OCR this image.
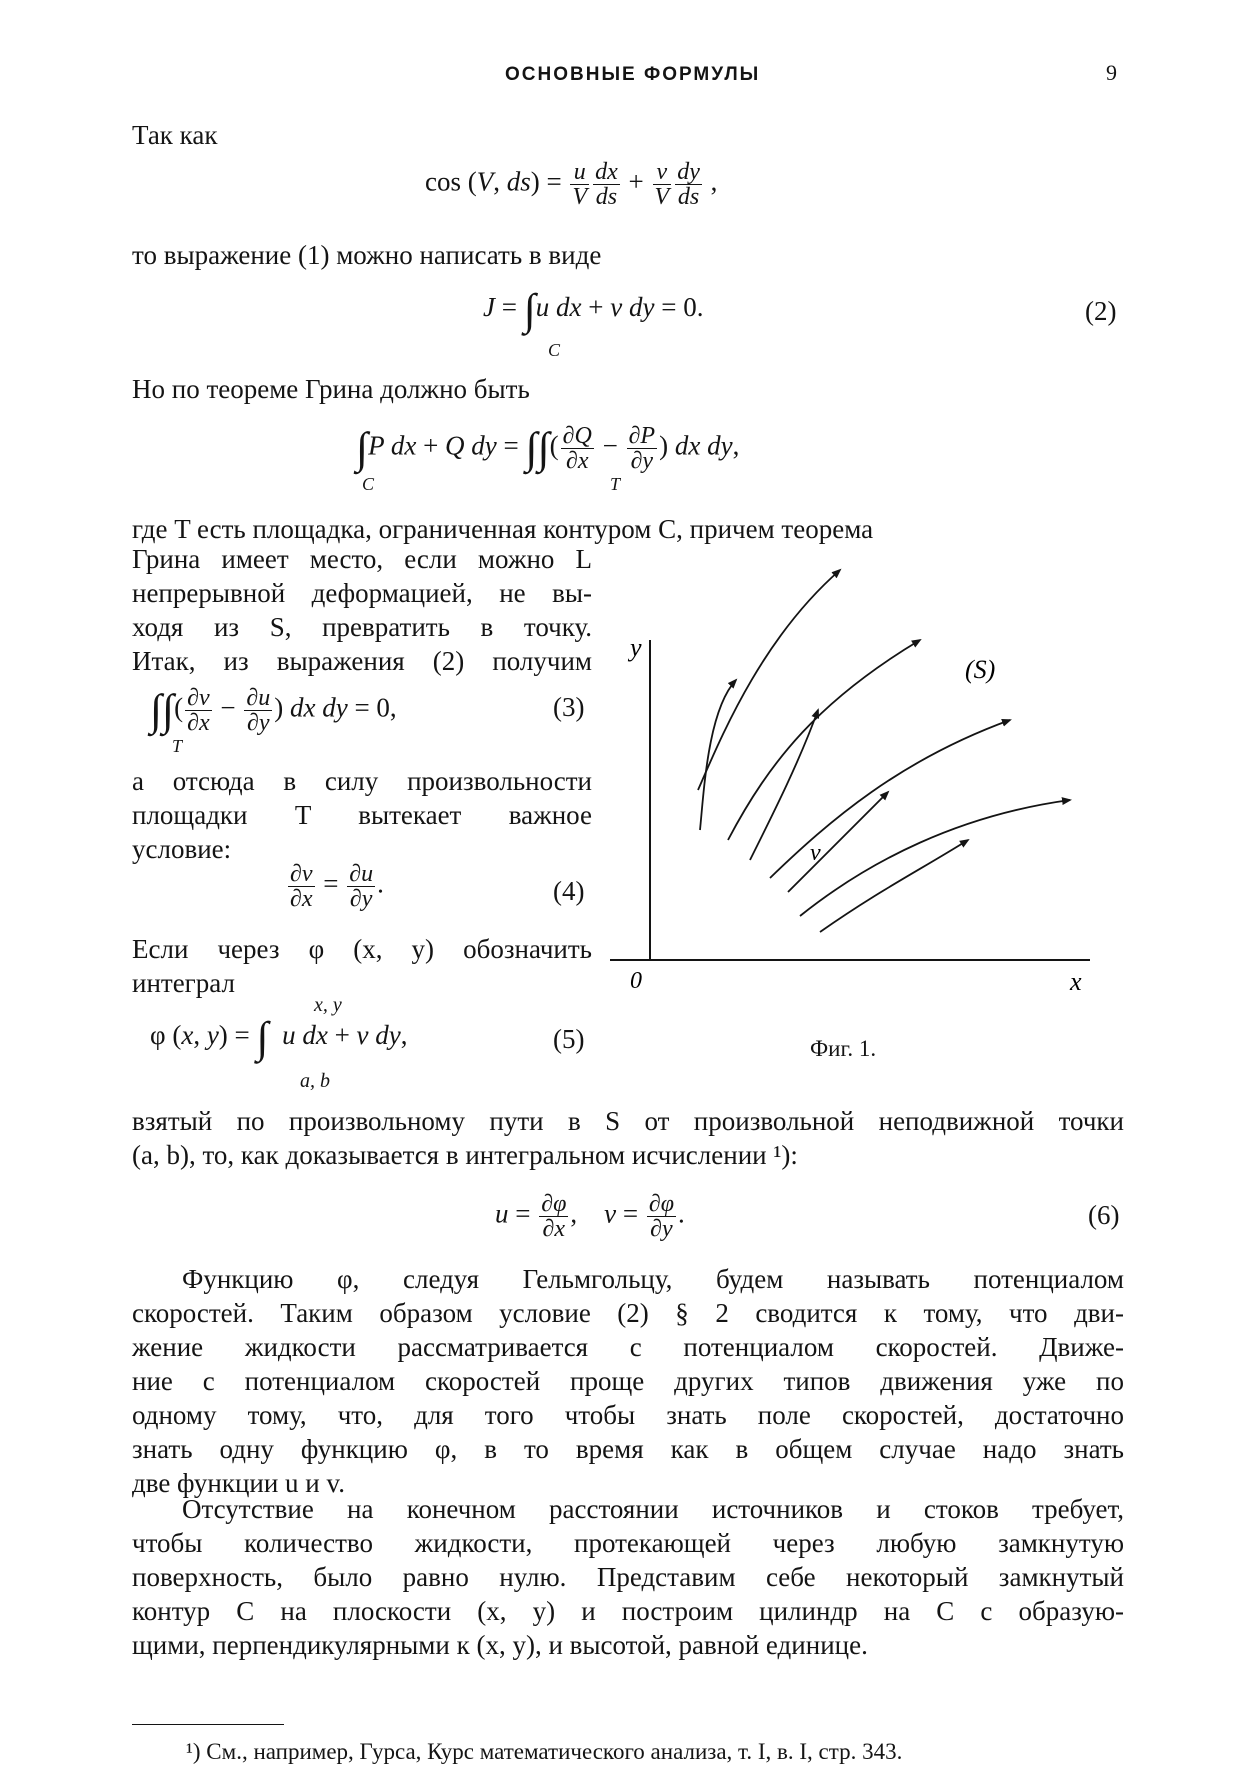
ОСНОВНЫЕ ФОРМУЛЫ	9
Так как
cos (V, $ds) = \frac{u}{V} \frac{dx}{ds} + \frac{v}{V} \frac{dy}{ds}$ ,
то выражение (1) можно написать в виде
J = ∫u dx + v dy = 0.
C
(2)
Но по теореме Грина должно быть
∫P dx + Q dy = ∫∫( $\frac{\partial Q}{\partial x} - \frac{\partial P}{\partial y}$ ) dx dy,
C	T
где T есть площадка, ограниченная контуром C, причем теорема
Грина имеет место, если можно L
непрерывной деформацией, не вы-
ходя из S, превратить в точку.
Итак, из выражения (2) получим
∫∫( $\frac{\partial v}{\partial x} - \frac{\partial u}{\partial y}$ ) dx dy = 0,
T
(3)
а отсюда в силу произвольности
площадки T вытекает важное
условие:
$\frac{\partial v}{\partial x} = \frac{\partial u}{\partial y}$ .	(4)
Если через φ (x, y) обозначить
интеграл
x, y
φ (x, y) = ∫ u dx + v dy,
a, b
(5)
y
(S)
v
0	x
Фиг. 1.
взятый по произвольному пути в S от произвольной неподвижной точки
(a, b), то, как доказывается в интегральном исчислении ¹):
$u = \frac{\partial\varphi}{\partial x}$ ,    $v = \frac{\partial\varphi}{\partial y}$ .	(6)
Функцию φ, следуя Гельмгольцу, будем называть потенциалом
скоростей. Таким образом условие (2) § 2 сводится к тому, что дви-
жение жидкости рассматривается с потенциалом скоростей. Движе-
ние с потенциалом скоростей проще других типов движения уже по
одному тому, что, для того чтобы знать поле скоростей, достаточно
знать одну функцию φ, в то время как в общем случае надо знать
две функции u и v.
Отсутствие на конечном расстоянии источников и стоков требует,
чтобы количество жидкости, протекающей через любую замкнутую
поверхность, было равно нулю. Представим себе некоторый замкнутый
контур C на плоскости (x, y) и построим цилиндр на C с образую-
щими, перпендикулярными к (x, y), и высотой, равной единице.
¹) См., например, Гурса, Курс математического анализа, т. I, в. I, стр. 343.
